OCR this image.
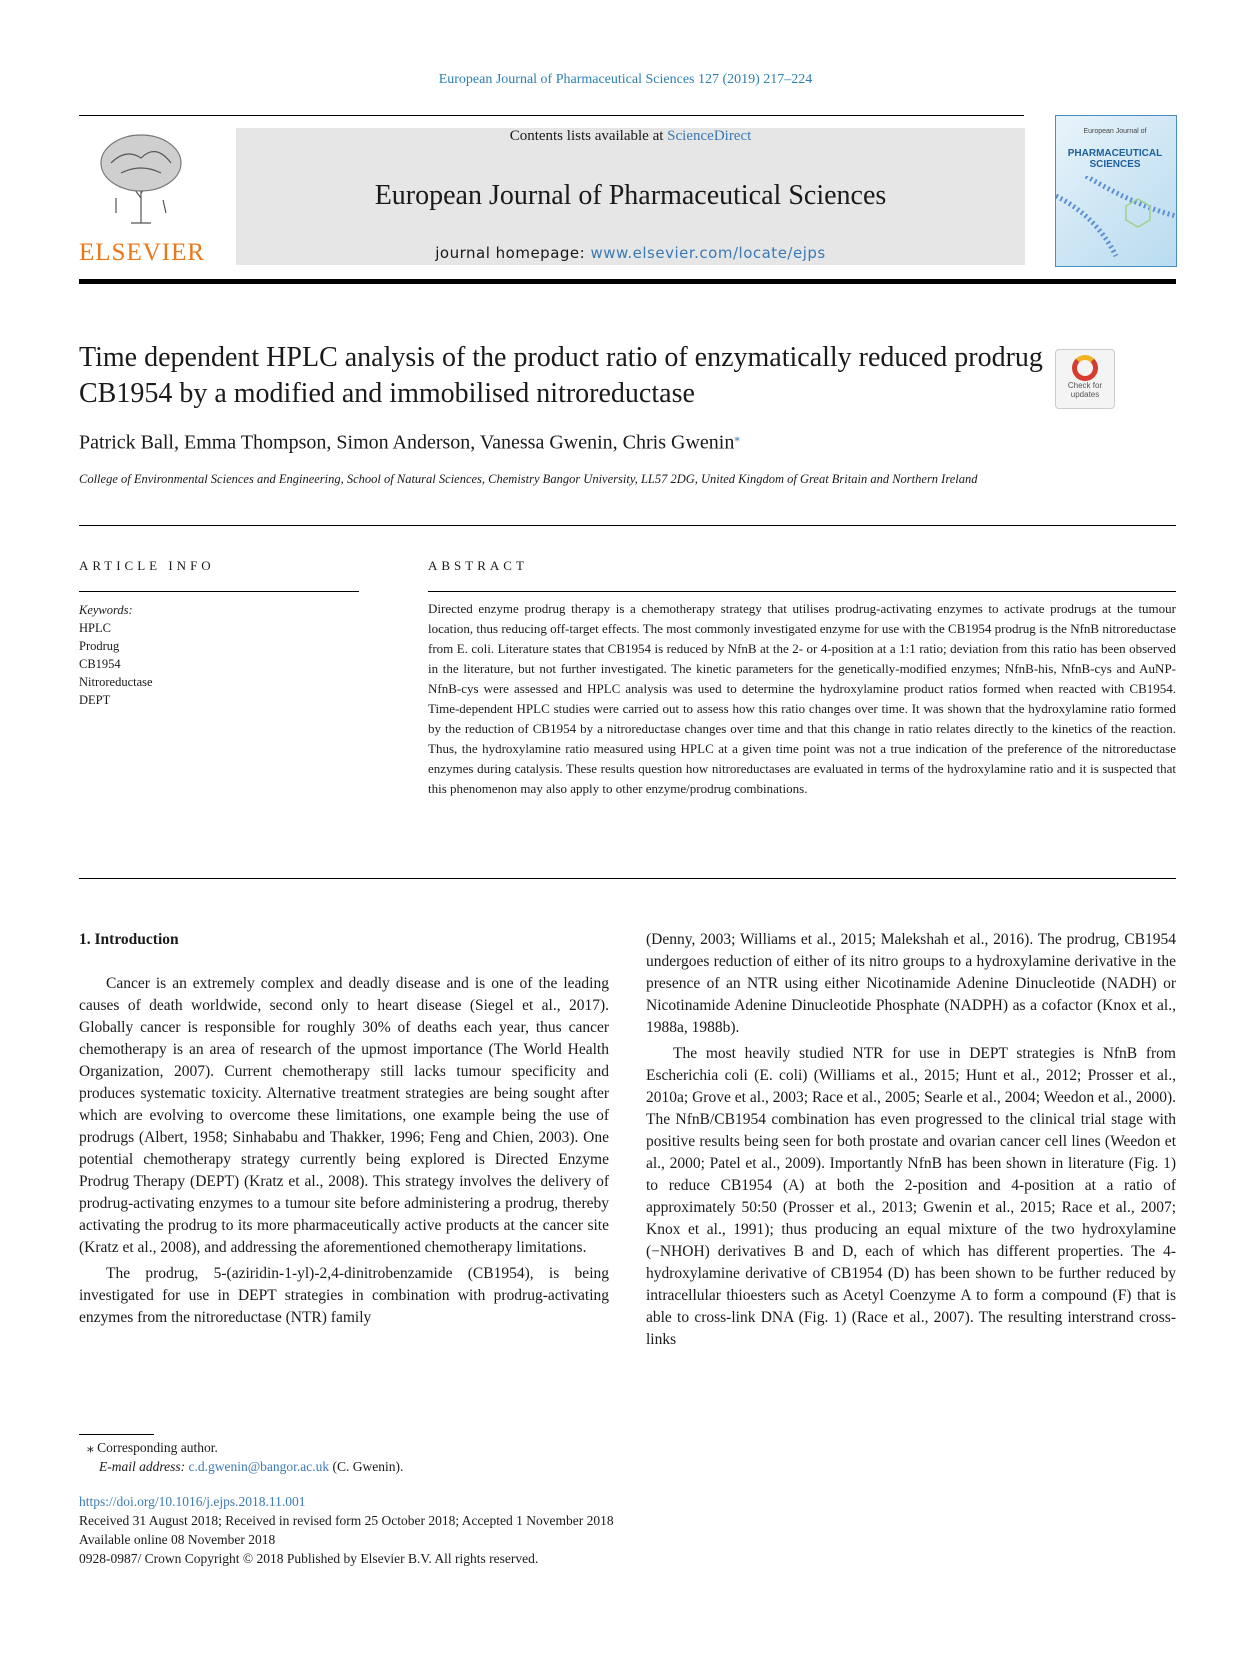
European Journal of Pharmaceutical Sciences 127 (2019) 217–224
ELSEVIER
Contents lists available at ScienceDirect
European Journal of Pharmaceutical Sciences
journal homepage: www.elsevier.com/locate/ejps
European Journal of
PHARMACEUTICAL SCIENCES
Time dependent HPLC analysis of the product ratio of enzymatically reduced prodrug CB1954 by a modified and immobilised nitroreductase	Check for
updates
Patrick Ball, Emma Thompson, Simon Anderson, Vanessa Gwenin, Chris Gwenin⁎
College of Environmental Sciences and Engineering, School of Natural Sciences, Chemistry Bangor University, LL57 2DG, United Kingdom of Great Britain and Northern Ireland
ARTICLE INFO	ABSTRACT
Keywords:
HPLC
Prodrug
CB1954
Nitroreductase
DEPT
Directed enzyme prodrug therapy is a chemotherapy strategy that utilises prodrug-activating enzymes to activate prodrugs at the tumour location, thus reducing off-target effects. The most commonly investigated enzyme for use with the CB1954 prodrug is the NfnB nitroreductase from E. coli. Literature states that CB1954 is reduced by NfnB at the 2- or 4-position at a 1:1 ratio; deviation from this ratio has been observed in the literature, but not further investigated. The kinetic parameters for the genetically-modified enzymes; NfnB-his, NfnB-cys and AuNP-NfnB-cys were assessed and HPLC analysis was used to determine the hydroxylamine product ratios formed when reacted with CB1954. Time-dependent HPLC studies were carried out to assess how this ratio changes over time. It was shown that the hydroxylamine ratio formed by the reduction of CB1954 by a nitroreductase changes over time and that this change in ratio relates directly to the kinetics of the reaction. Thus, the hydroxylamine ratio measured using HPLC at a given time point was not a true indication of the preference of the nitroreductase enzymes during catalysis. These results question how nitroreductases are evaluated in terms of the hydroxylamine ratio and it is suspected that this phenomenon may also apply to other enzyme/prodrug combinations.
1. Introduction

Cancer is an extremely complex and deadly disease and is one of the leading causes of death worldwide, second only to heart disease (Siegel et al., 2017). Globally cancer is responsible for roughly 30% of deaths each year, thus cancer chemotherapy is an area of research of the upmost importance (The World Health Organization, 2007). Current chemotherapy still lacks tumour specificity and produces systematic toxicity. Alternative treatment strategies are being sought after which are evolving to overcome these limitations, one example being the use of prodrugs (Albert, 1958; Sinhababu and Thakker, 1996; Feng and Chien, 2003). One potential chemotherapy strategy currently being explored is Directed Enzyme Prodrug Therapy (DEPT) (Kratz et al., 2008). This strategy involves the delivery of prodrug-activating enzymes to a tumour site before administering a prodrug, thereby activating the prodrug to its more pharmaceutically active products at the cancer site (Kratz et al., 2008), and addressing the aforementioned chemotherapy limitations.

The prodrug, 5-(aziridin-1-yl)-2,4-dinitrobenzamide (CB1954), is being investigated for use in DEPT strategies in combination with prodrug-activating enzymes from the nitroreductase (NTR) family

(Denny, 2003; Williams et al., 2015; Malekshah et al., 2016). The prodrug, CB1954 undergoes reduction of either of its nitro groups to a hydroxylamine derivative in the presence of an NTR using either Nicotinamide Adenine Dinucleotide (NADH) or Nicotinamide Adenine Dinucleotide Phosphate (NADPH) as a cofactor (Knox et al., 1988a, 1988b).

The most heavily studied NTR for use in DEPT strategies is NfnB from Escherichia coli (E. coli) (Williams et al., 2015; Hunt et al., 2012; Prosser et al., 2010a; Grove et al., 2003; Race et al., 2005; Searle et al., 2004; Weedon et al., 2000). The NfnB/CB1954 combination has even progressed to the clinical trial stage with positive results being seen for both prostate and ovarian cancer cell lines (Weedon et al., 2000; Patel et al., 2009). Importantly NfnB has been shown in literature (Fig. 1) to reduce CB1954 (A) at both the 2-position and 4-position at a ratio of approximately 50:50 (Prosser et al., 2013; Gwenin et al., 2015; Race et al., 2007; Knox et al., 1991); thus producing an equal mixture of the two hydroxylamine (−NHOH) derivatives B and D, each of which has different properties. The 4-hydroxylamine derivative of CB1954 (D) has been shown to be further reduced by intracellular thioesters such as Acetyl Coenzyme A to form a compound (F) that is able to cross-link DNA (Fig. 1) (Race et al., 2007). The resulting interstrand cross-links

⁎ Corresponding author.
E-mail address: c.d.gwenin@bangor.ac.uk (C. Gwenin).
https://doi.org/10.1016/j.ejps.2018.11.001
Received 31 August 2018; Received in revised form 25 October 2018; Accepted 1 November 2018
Available online 08 November 2018
0928-0987/ Crown Copyright © 2018 Published by Elsevier B.V. All rights reserved.
